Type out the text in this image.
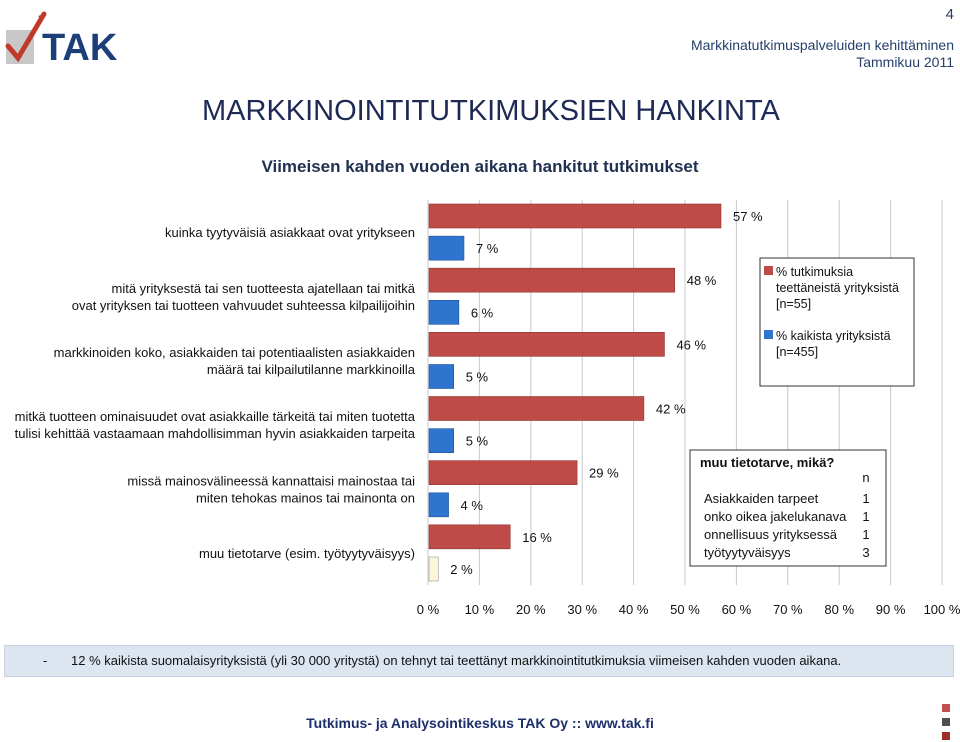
TAK
4
Markkinatutkimuspalveluiden kehittäminen
Tammikuu 2011
MARKKINOINTITUTKIMUKSIEN HANKINTA
Viimeisen kahden vuoden aikana hankitut tutkimukset
0 % 10 % 20 % 30 % 40 % 50 % 60 % 70 % 80 % 90 % 100 %
kuinka tyytyväisiä asiakkaat ovat yritykseen
57 %
7 %
mitä yrityksestä tai sen tuotteesta ajatellaan tai mitkä
ovat yrityksen tai tuotteen vahvuudet suhteessa kilpailijoihin
48 %
6 %
markkinoiden koko, asiakkaiden tai potentiaalisten asiakkaiden
määrä tai kilpailutilanne markkinoilla
46 %
5 %
mitkä tuotteen ominaisuudet ovat asiakkaille tärkeitä tai miten tuotetta
tulisi kehittää vastaamaan mahdollisimman hyvin asiakkaiden tarpeita
42 %
5 %
missä mainosvälineessä kannattaisi mainostaa tai
miten tehokas mainos tai mainonta on
29 %
4 %
muu tietotarve (esim. työtyytyväisyys)
16 %
2 %
% tutkimuksia
teettäneistä yrityksistä
[n=55]
% kaikista yrityksistä
[n=455]
muu tietotarve, mikä?
n
Asiakkaiden tarpeet	1
onko oikea jakelukanava 1
onnellisuus yrityksessä 1
työtyytyväisyys	3
- 12 % kaikista suomalaisyrityksistä (yli 30 000 yritystä) on tehnyt tai teettänyt markkinointitutkimuksia viimeisen kahden vuoden aikana.
Tutkimus- ja Analysointikeskus TAK Oy :: www.tak.fi
